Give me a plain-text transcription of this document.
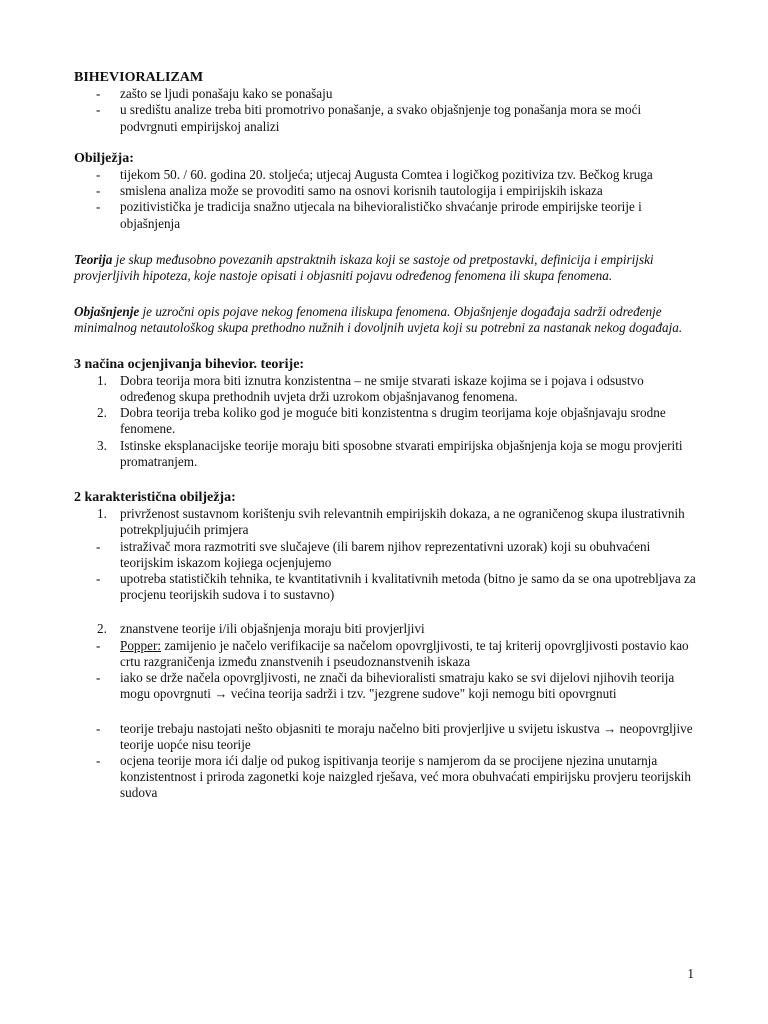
BIHEVIORALIZAM
- zašto se ljudi ponašaju kako se ponašaju
- u središtu analize treba biti promotrivo ponašanje, a svako objašnjenje tog ponašanja mora se moći podvrgnuti empirijskoj analizi
Obilježja:
- tijekom 50. / 60. godina 20. stoljeća; utjecaj Augusta Comtea i logičkog pozitiviza tzv. Bečkog kruga
- smislena analiza može se provoditi samo na osnovi korisnih tautologija i empirijskih iskaza
- pozitivistička je tradicija snažno utjecala na bihevioralističko shvaćanje prirode empirijske teorije i objašnjenja
Teorija je skup međusobno povezanih apstraktnih iskaza koji se sastoje od pretpostavki, definicija i empirijski provjerljivih hipoteza, koje nastoje opisati i objasniti pojavu određenog fenomena ili skupa fenomena.
Objašnjenje je uzročni opis pojave nekog fenomena iliskupa fenomena. Objašnjenje događaja sadrži određenje minimalnog netautološkog skupa prethodno nužnih i dovoljnih uvjeta koji su potrebni za nastanak nekog događaja.
3 načina ocjenjivanja bihevior. teorije:
1. Dobra teorija mora biti iznutra konzistentna – ne smije stvarati iskaze kojima se i pojava i odsustvo određenog skupa prethodnih uvjeta drži uzrokom objašnjavanog fenomena.
2. Dobra teorija treba koliko god je moguće biti konzistentna s drugim teorijama koje objašnjavaju srodne fenomene.
3. Istinske eksplanacijske teorije moraju biti sposobne stvarati empirijska objašnjenja koja se mogu provjeriti promatranjem.
2 karakteristična obilježja:
1. privrženost sustavnom korištenju svih relevantnih empirijskih dokaza, a ne ograničenog skupa ilustrativnih potrekpljujućih primjera
- istraživač mora razmotriti sve slučajeve (ili barem njihov reprezentativni uzorak) koji su obuhvaćeni teorijskim iskazom kojiega ocjenjujemo
- upotreba statističkih tehnika, te kvantitativnih i kvalitativnih metoda (bitno je samo da se ona upotrebljava za procjenu teorijskih sudova i to sustavno)
2. znanstvene teorije i/ili objašnjenja moraju biti provjerljivi
- Popper: zamijenio je načelo verifikacije sa načelom opovrgljivosti, te taj kriterij opovrgljivosti postavio kao crtu razgraničenja između znanstvenih i pseudoznanstvenih iskaza
- iako se drže načela opovrgljivosti, ne znači da bihevioralisti smatraju kako se svi dijelovi njihovih teorija mogu opovrgnuti → većina teorija sadrži i tzv. "jezgrene sudove" koji nemogu biti opovrgnuti
- teorije trebaju nastojati nešto objasniti te moraju načelno biti provjerljive u svijetu iskustva → neopovrgljive teorije uopće nisu teorije
- ocjena teorije mora ići dalje od pukog ispitivanja teorije s namjerom da se procijene njezina unutarnja konzistentnost i priroda zagonetki koje naizgled rješava, već mora obuhvaćati empirijsku provjeru teorijskih sudova
1
